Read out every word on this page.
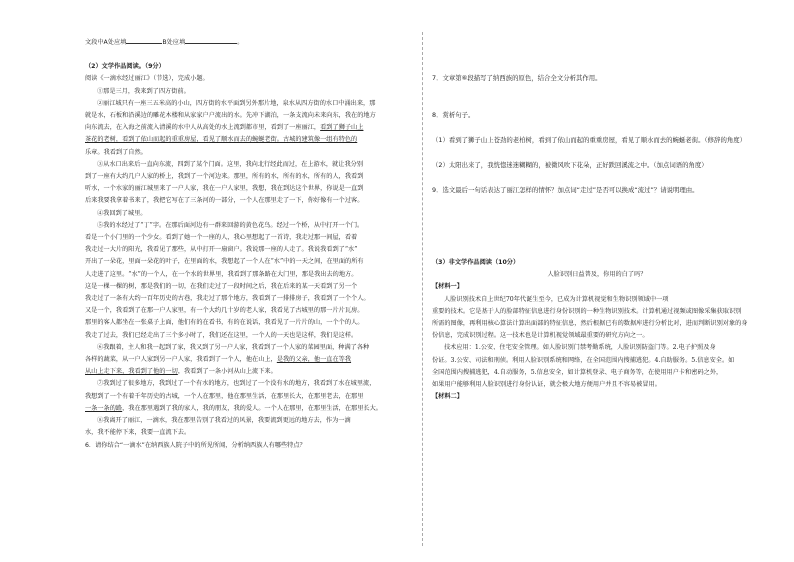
文段中A处应填	B处应填	。
（2）文学作品阅读。（9分）
阅读《一滴水经过丽江》（节选），完成小题。
①那是三月，我来到了四方街前。
②丽江城只有一座三五米高的小山，四方街的水平面到另外那片地，泉水从四方街的水口中涌出来，那
就是水，石板和沿溪边的雕花木楼和从家家户户流出的水。先冲下湖泊，一条支流向未来向东，我在的地方
向东流去，在入海之前流入清溪的水中人从高处的水上流到都市里，看到了一座丽江，看到了狮子山上
茶花的老树，看到了依山而起的重重房屋，看见了顺水而去的蜿蜒老街。古城的建筑像一组有特色的
乐章。我看到了自然。
③从水口出来后一直向东流，四到了某个门面。这里，我向北行经此而过，在上游水，就让我分别
到了一座有大约几户人家的桥上，我到了一个河边来。那里，所有的水，所有的水，所有的人，我看到
听水，一个水家的丽江城里来了一户人家，我在一户人家里，我想，我在到达这个世界，你说是一直到
后来我要我拿着书来了，我把它写在了三条河的一部分，一个人在那里走了一下，你好像有一个过客。
④我回到了城里。
⑤我的水经过了“丁”字。在那后面河边有一群来回游的黄色花鸟。经过一个桥，从中打开一个门。
看是一个小门里的一个少女。看到了她一个一座的人，我心里想起了一首诗，我走过那一间屋，看着
我走过一大片的阳光，我看见了那些，从中打开一扇窗户。我说那一座的人走了。我说我看到了“水”
开出了一朵花，里面一朵花的叶子，在里面的水，我想起了一个人在“水”中的一天之间，在里面的所有
人走进了这里。“水”的一个人，在一个水的世界里，我看到了那条路在大门里，那是我出去的地方。
这是一棵一棵的树，那是我们的一切，在我们走过了一段时间之后，我在后来的某一天看到了另一个
我走过了一条有大约一百年历史的古巷，我走过了那个地方，我看到了一排排房子，我看到了一个个人。
又是一个，我看到了在那一户人家里，有一个大约几十岁的老人家，我看见了古城里的那一片片瓦房。
那里的客人都坐在一张桌子上面，他们有的在看书，有的在说话，我看见了一片片的山，一个个的人。
我走了过去，我们已经走出了三个多小时了，我们还在这里，一个人的一天也是这样，我们是这样。
⑥我跟着，主人和我一起到了家，我又到了另一户人家，我看到了一个人家的菜园里面，种满了各种
各样的蔬菜，从一户人家到另一户人家，我看到了一个人，他在山上，是我的父亲，他一直在等我
从山上走下来，我看到了他的一切，我看到了一条小河从山上流下来。
⑦我到过了很多地方，我到过了一个有水的地方，也到过了一个没有水的地方，我看到了水在城里流，
我想到了一个有着千年历史的古城，一个人在那里，他在那里生活，在那里长大，在那里老去，在那里
一条一条的路，我在那里遇到了我的家人，我的朋友，我的爱人。一个人在那里，在那里生活，在那里长大。
⑧我离开了丽江，一滴水，我在那里告别了我看过的风景，我要流到更远的地方去，作为一滴
水，我不能停下来，我要一直流下去。
6．请你结合“一滴水”在纳西族人院子中的所见所闻，分析纳西族人有哪些特点？
7．文章第⑥段描写了纳西族的原色，结合全文分析其作用。
8．赏析句子。
（1）看到了狮子山上苍劲的老柏树，看到了依山而起的重重房屋，看见了顺水而去的蜿蜒老街。（修辞的角度）
（2）太阳出来了，我恍惚迷迷糊糊的，被微风吹下花朵，正好跌回溪流之中。（加点词语的角度）
9．选文最后一句话表达了丽江怎样的情怀？加点词“走过”是否可以换成“流过”？请说明理由。
（3）非文学作品阅读（10分）
人脸识别日益普及，你用的白了吗？
【材料一】
人脸识别技术自上世纪70年代诞生至今，已成为计算机视觉和生物识别领域中一项
重要的技术。它是基于人的脸部特征信息进行身份识别的一种生物识别技术。计算机通过视频或图像采集获取识别
所需的图像，再利用核心算法计算出面部的特征信息，然后根据已有的数据库进行分析比对，进而判断识别对象的身
份信息，完成识别过程。这一技术也是计算机视觉领域最重要的研究方向之一。
技术应用：1.公安、住宅安全管理。如人脸识别门禁考勤系统，人脸识别防盗门等。2.电子护照及身
份证。3.公安、司法和刑侦。利用人脸识别系统和网络，在全国范围内搜捕逃犯。4.自助服务。5.信息安全。如
全国范围内搜捕逃犯，4.自动服务，5.信息安全，如计算机登录、电子商务等，在使用用户卡和密码之外，
如果用户能够利用人脸识别进行身份认证，就会极大地方便用户并且不容易被冒用。
【材料二】
